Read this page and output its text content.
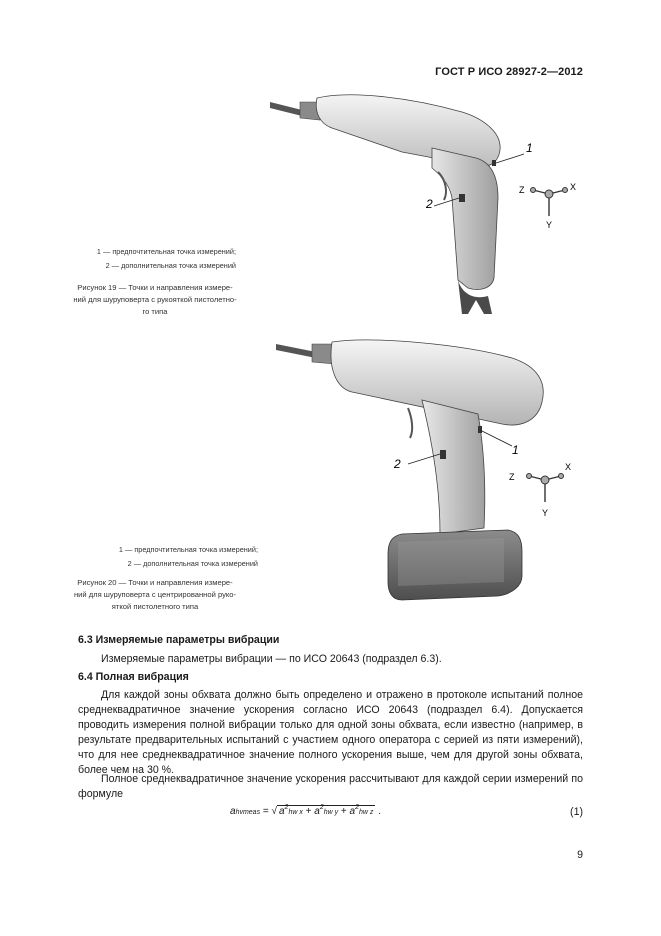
ГОСТ Р ИСО 28927-2—2012
1
2
Z	X
Y
1 — предпочтительная точка измерений;
2 — дополнительная точка измерений
Рисунок 19 — Точки и направления измере-
ний для шуруповерта с рукояткой пистолетно-
го типа
1
2
Z
X
Y
1 — предпочтительная точка измерений;
2 — дополнительная точка измерений
Рисунок 20 — Точки и направления измере-
ний для шуруповерта с центрированной руко-
яткой пистолетного типа
6.3 Измеряемые параметры вибрации
Измеряемые параметры вибрации — по ИСО 20643 (подраздел 6.3).
6.4 Полная вибрация
Для каждой зоны обхвата должно быть определено и отражено в протоколе испытаний полное среднеквадратичное значение ускорения согласно ИСО 20643 (подраздел 6.4). Допускается проводить измерения полной вибрации только для одной зоны обхвата, если известно (например, в результате предварительных испытаний с участием одного оператора с серией из пяти измерений), что для нее среднеквадратичное значение полного ускорения выше, чем для другой зоны обхвата, более чем на 30 %.
Полное среднеквадратичное значение ускорения рассчитывают для каждой серии измерений по формуле
ahvmeas = √ $a^2hw$ $x + a^2hw$ $y + a^2hw$ z .	(1)
9
